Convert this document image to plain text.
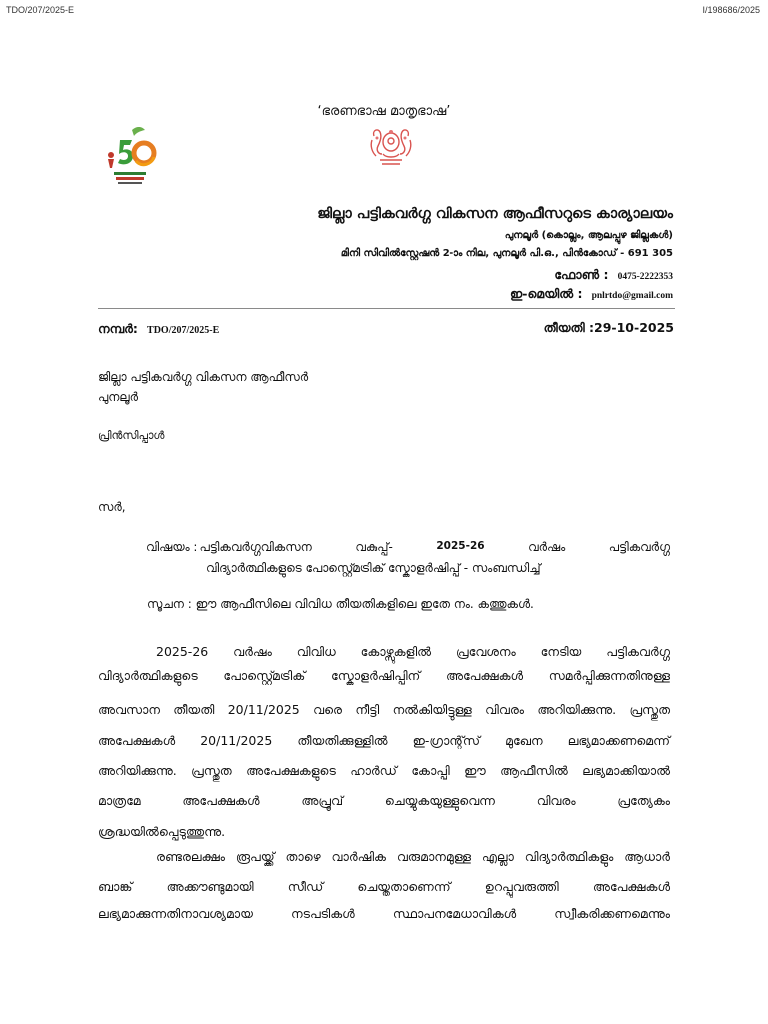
TDO/207/2025-E	I/198686/2025
‘ഭരണഭാഷ മാതൃഭാഷ’
ജില്ലാ പട്ടികവർഗ്ഗ വികസന ആഫീസറുടെ കാര്യാലയം
പുനലൂർ (കൊല്ലം, ആലപ്പുഴ ജില്ലകൾ)
മിനി സിവിൽസ്റ്റേഷൻ 2-ാം നില, പുനലൂർ പി.ഒ., പിൻകോഡ് - 691 305
ഫോൺ : 0475-2222353
ഇ-മെയിൽ : pnlrtdo@gmail.com
നമ്പർ: TDO/207/2025-E	തീയതി :29-10-2025
ജില്ലാ പട്ടികവർഗ്ഗ വികസന ആഫീസർ
പുനലൂർ
പ്രിൻസിപ്പാൾ
സർ,
വിഷയം : പട്ടികവർഗ്ഗവികസന	വകുപ്പ്-	2025-26	വർഷം	പട്ടികവർഗ്ഗ
വിദ്യാർത്ഥികളുടെ പോസ്റ്റ്മെട്രിക് സ്കോളർഷിപ്പ് - സംബന്ധിച്ച്
സൂചന : ഈ ആഫീസിലെ വിവിധ തീയതികളിലെ ഇതേ നം. കത്തുകൾ.
2025-26 വർഷം വിവിധ കോഴ്സുകളിൽ പ്രവേശനം നേടിയ പട്ടികവർഗ്ഗ
വിദ്യാർത്ഥികളുടെ പോസ്റ്റ്മെട്രിക് സ്കോളർഷിപ്പിന് അപേക്ഷകൾ സമർപ്പിക്കുന്നതിനുള്ള
അവസാന തീയതി 20/11/2025 വരെ നീട്ടി നൽകിയിട്ടുള്ള വിവരം അറിയിക്കുന്നു. പ്രസ്തുത
അപേക്ഷകൾ 20/11/2025 തീയതിക്കുള്ളിൽ ഇ-ഗ്രാന്റ്സ് മുഖേന ലഭ്യമാക്കണമെന്ന്
അറിയിക്കുന്നു. പ്രസ്തുത അപേക്ഷകളുടെ ഹാർഡ് കോപ്പി ഈ ആഫീസിൽ ലഭ്യമാക്കിയാൽ
മാത്രമേ അപേക്ഷകൾ അപ്രൂവ് ചെയ്യുകയുള്ളുവെന്ന വിവരം പ്രത്യേകം
ശ്രദ്ധയിൽപ്പെടുത്തുന്നു.
രണ്ടരലക്ഷം രൂപയ്ക്ക് താഴെ വാർഷിക വരുമാനമുള്ള എല്ലാ വിദ്യാർത്ഥികളും ആധാർ
ബാങ്ക് അക്കൗണ്ടുമായി സീഡ് ചെയ്തതാണെന്ന് ഉറപ്പുവരുത്തി അപേക്ഷകൾ
ലഭ്യമാക്കുന്നതിനാവശ്യമായ നടപടികൾ സ്ഥാപനമേധാവികൾ സ്വീകരിക്കണമെന്നും
